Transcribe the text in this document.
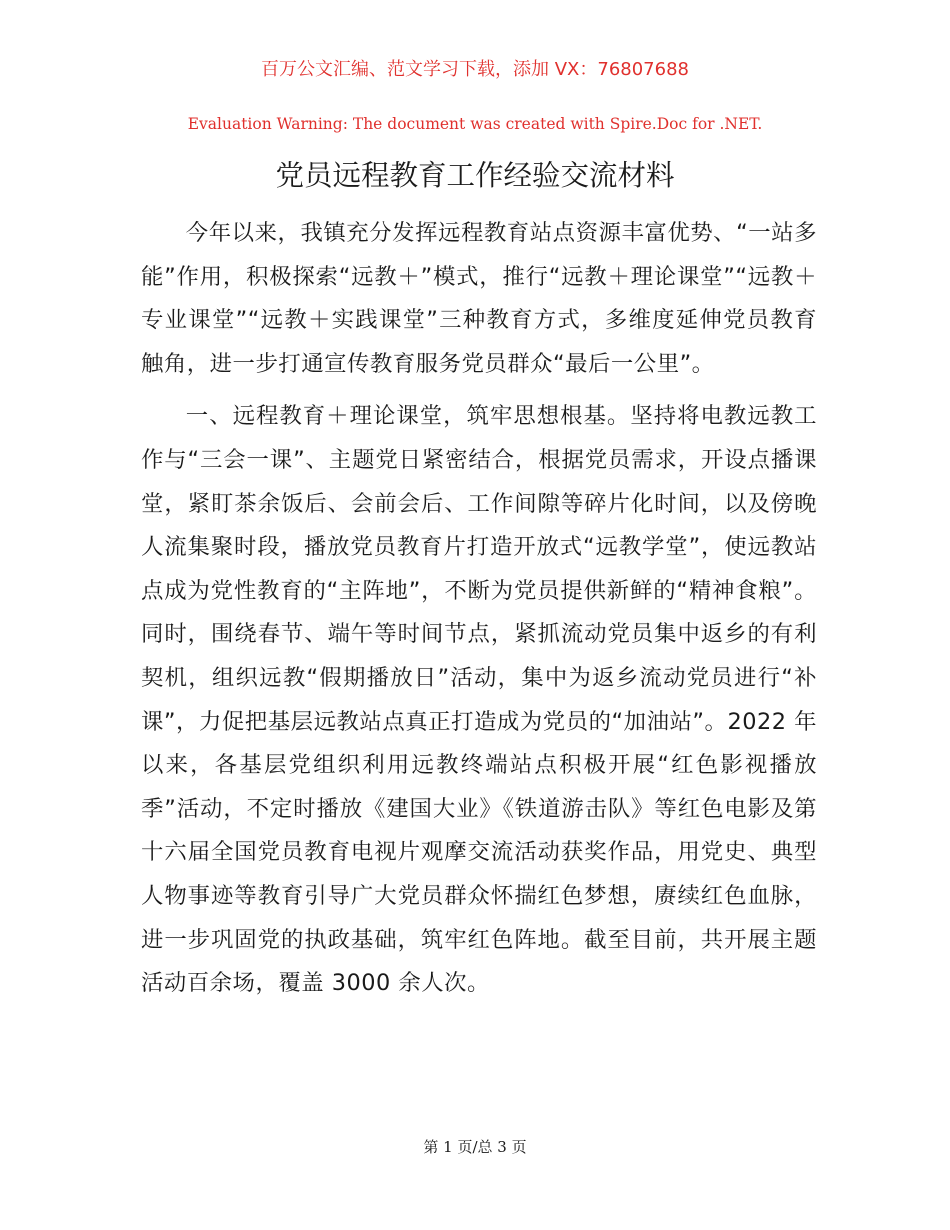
百万公文汇编、范文学习下载，添加 VX：76807688
Evaluation Warning: The document was created with Spire.Doc for .NET.
党员远程教育工作经验交流材料

今年以来，我镇充分发挥远程教育站点资源丰富优势、“一站多能”作用，积极探索“远教＋”模式，推行“远教＋理论课堂”“远教＋专业课堂”“远教＋实践课堂”三种教育方式，多维度延伸党员教育触角，进一步打通宣传教育服务党员群众“最后一公里”。

一、远程教育＋理论课堂，筑牢思想根基。坚持将电教远教工作与“三会一课”、主题党日紧密结合，根据党员需求，开设点播课堂，紧盯茶余饭后、会前会后、工作间隙等碎片化时间，以及傍晚人流集聚时段，播放党员教育片打造开放式“远教学堂”，使远教站点成为党性教育的“主阵地”，不断为党员提供新鲜的“精神食粮”。同时，围绕春节、端午等时间节点，紧抓流动党员集中返乡的有利契机，组织远教“假期播放日”活动，集中为返乡流动党员进行“补课”，力促把基层远教站点真正打造成为党员的“加油站”。2022 年以来，各基层党组织利用远教终端站点积极开展“红色影视播放季”活动，不定时播放《建国大业》《铁道游击队》等红色电影及第十六届全国党员教育电视片观摩交流活动获奖作品，用党史、典型人物事迹等教育引导广大党员群众怀揣红色梦想，赓续红色血脉，进一步巩固党的执政基础，筑牢红色阵地。截至目前，共开展主题活动百余场，覆盖 3000 余人次。

第 1 页/总 3 页
